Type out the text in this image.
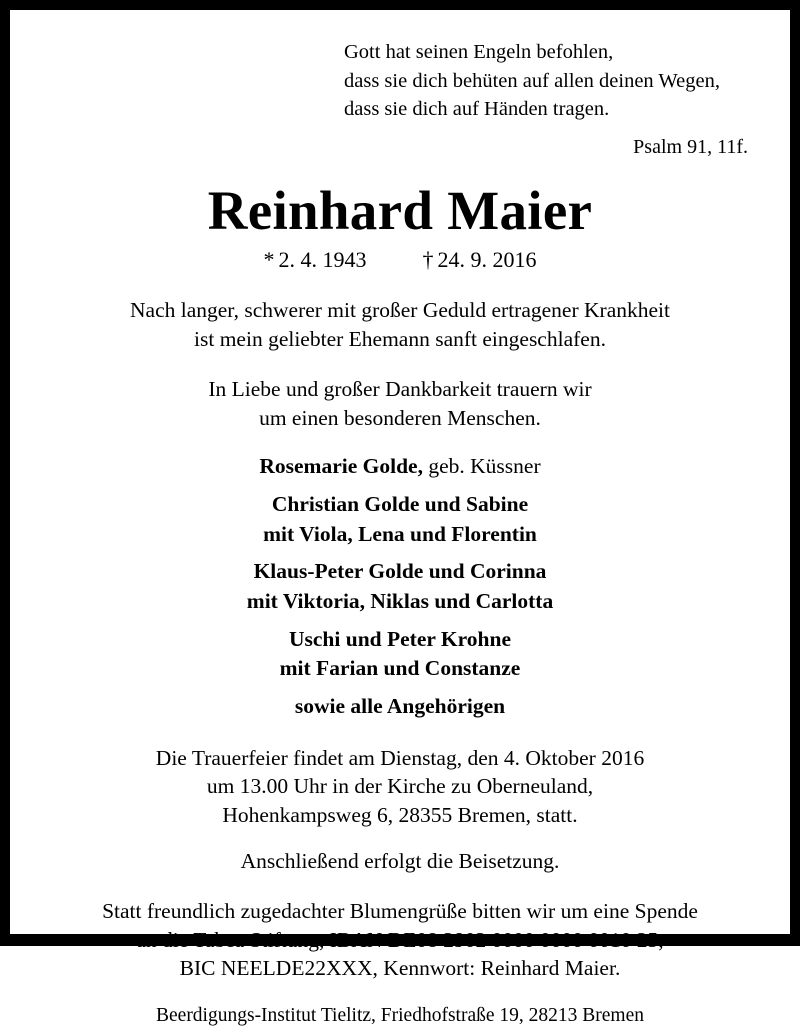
Gott hat seinen Engeln befohlen,
dass sie dich behüten auf allen deinen Wegen,
dass sie dich auf Händen tragen.
Psalm 91, 11f.
Reinhard Maier
* 2. 4. 1943	† 24. 9. 2016
Nach langer, schwerer mit großer Geduld ertragener Krankheit
ist mein geliebter Ehemann sanft eingeschlafen.
In Liebe und großer Dankbarkeit trauern wir
um einen besonderen Menschen.
Rosemarie Golde, geb. Küssner
Christian Golde und Sabine
mit Viola, Lena und Florentin
Klaus-Peter Golde und Corinna
mit Viktoria, Niklas und Carlotta
Uschi und Peter Krohne
mit Farian und Constanze
sowie alle Angehörigen
Die Trauerfeier findet am Dienstag, den 4. Oktober 2016
um 13.00 Uhr in der Kirche zu Oberneuland,
Hohenkampsweg 6, 28355 Bremen, statt.
Anschließend erfolgt die Beisetzung.
Statt freundlich zugedachter Blumengrüße bitten wir um eine Spende
an die Tabea Stiftung, IBAN DE08 2902 0000 0000 0010 25,
BIC NEELDE22XXX, Kennwort: Reinhard Maier.
Beerdigungs-Institut Tielitz, Friedhofstraße 19, 28213 Bremen
